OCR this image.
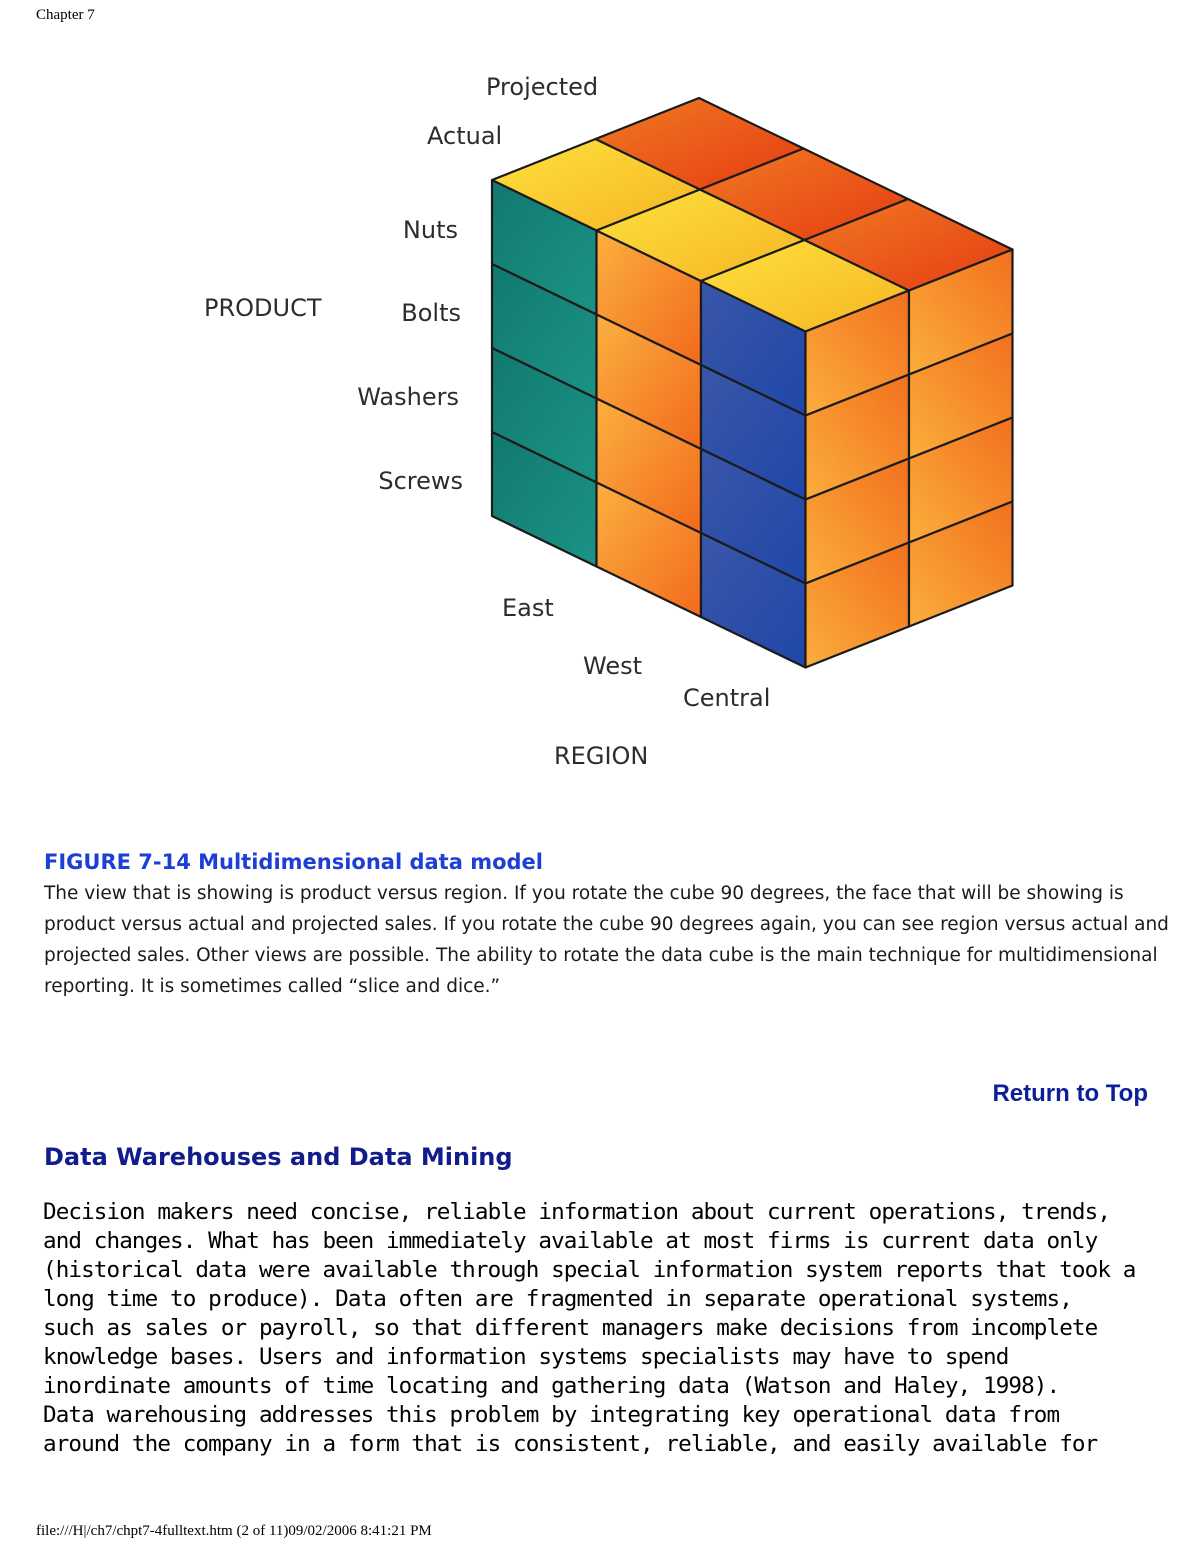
Chapter 7
Projected
Actual
PRODUCT
Nuts
Bolts
Washers
Screws
East
West
Central
REGION

FIGURE 7-14 Multidimensional data model

The view that is showing is product versus region. If you rotate the cube 90 degrees, the face that will be showing is product versus actual and projected sales. If you rotate the cube 90 degrees again, you can see region versus actual and projected sales. Other views are possible. The ability to rotate the data cube is the main technique for multidimensional reporting. It is sometimes called “slice and dice.”

Return to Top
Data Warehouses and Data Mining
Decision makers need concise, reliable information about current operations, trends,
and changes. What has been immediately available at most firms is current data only
(historical data were available through special information system reports that took a
long time to produce). Data often are fragmented in separate operational systems,
such as sales or payroll, so that different managers make decisions from incomplete
knowledge bases. Users and information systems specialists may have to spend
inordinate amounts of time locating and gathering data (Watson and Haley, 1998).
Data warehousing addresses this problem by integrating key operational data from
around the company in a form that is consistent, reliable, and easily available for
file:///H|/ch7/chpt7-4fulltext.htm (2 of 11)09/02/2006 8:41:21 PM
